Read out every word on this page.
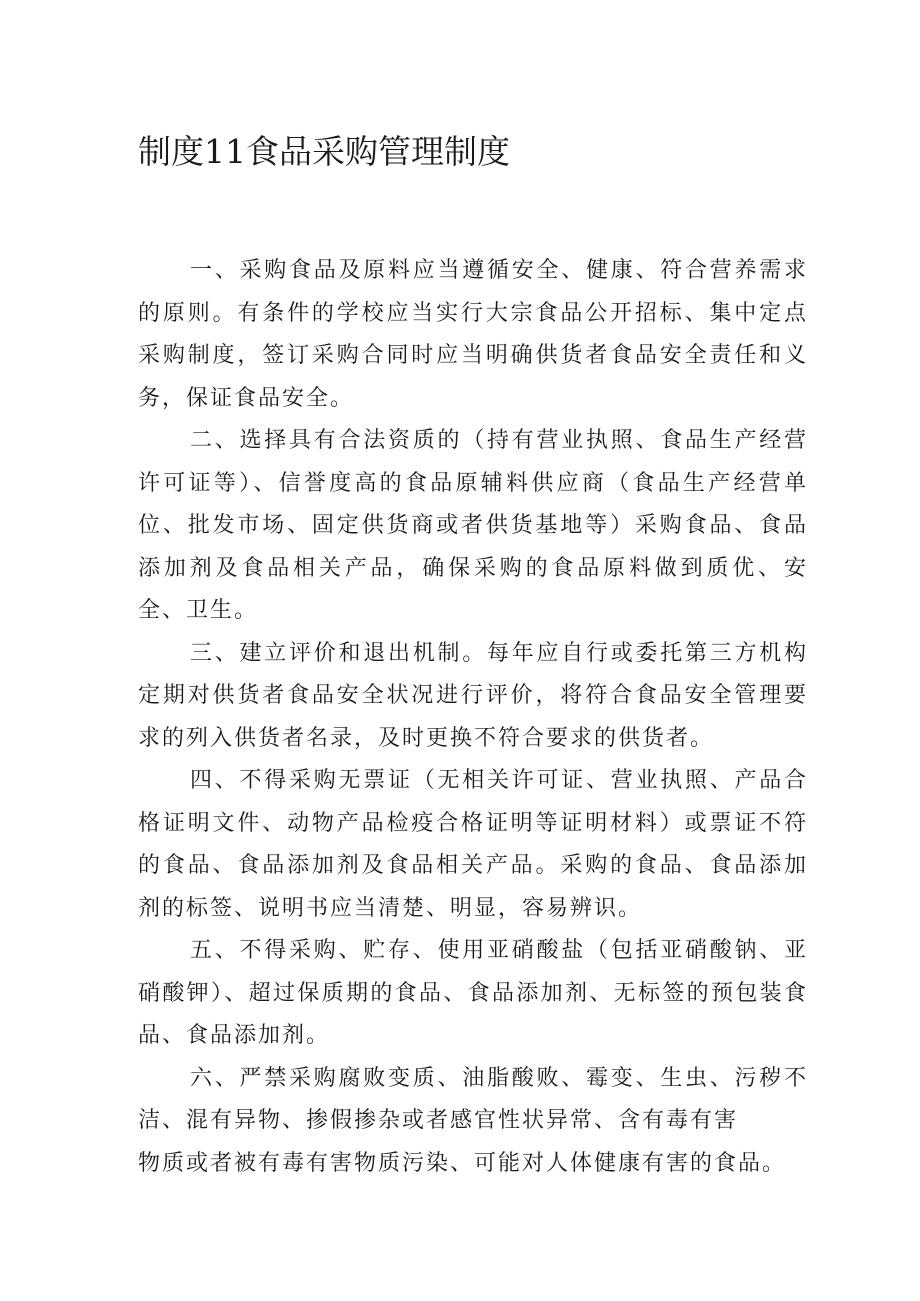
制度11食品采购管理制度

一、采购食品及原料应当遵循安全、健康、符合营养需求的原则。有条件的学校应当实行大宗食品公开招标、集中定点采购制度，签订采购合同时应当明确供货者食品安全责任和义务，保证食品安全。

二、选择具有合法资质的（持有营业执照、食品生产经营许可证等）、信誉度高的食品原辅料供应商（食品生产经营单位、批发市场、固定供货商或者供货基地等）采购食品、食品添加剂及食品相关产品，确保采购的食品原料做到质优、安全、卫生。

三、建立评价和退出机制。每年应自行或委托第三方机构定期对供货者食品安全状况进行评价，将符合食品安全管理要求的列入供货者名录，及时更换不符合要求的供货者。

四、不得采购无票证（无相关许可证、营业执照、产品合格证明文件、动物产品检疫合格证明等证明材料）或票证不符的食品、食品添加剂及食品相关产品。采购的食品、食品添加剂的标签、说明书应当清楚、明显，容易辨识。

五、不得采购、贮存、使用亚硝酸盐（包括亚硝酸钠、亚硝酸钾）、超过保质期的食品、食品添加剂、无标签的预包装食品、食品添加剂。

六、严禁采购腐败变质、油脂酸败、霉变、生虫、污秽不洁、混有异物、掺假掺杂或者感官性状异常、含有毒有害

物质或者被有毒有害物质污染、可能对人体健康有害的食品。
